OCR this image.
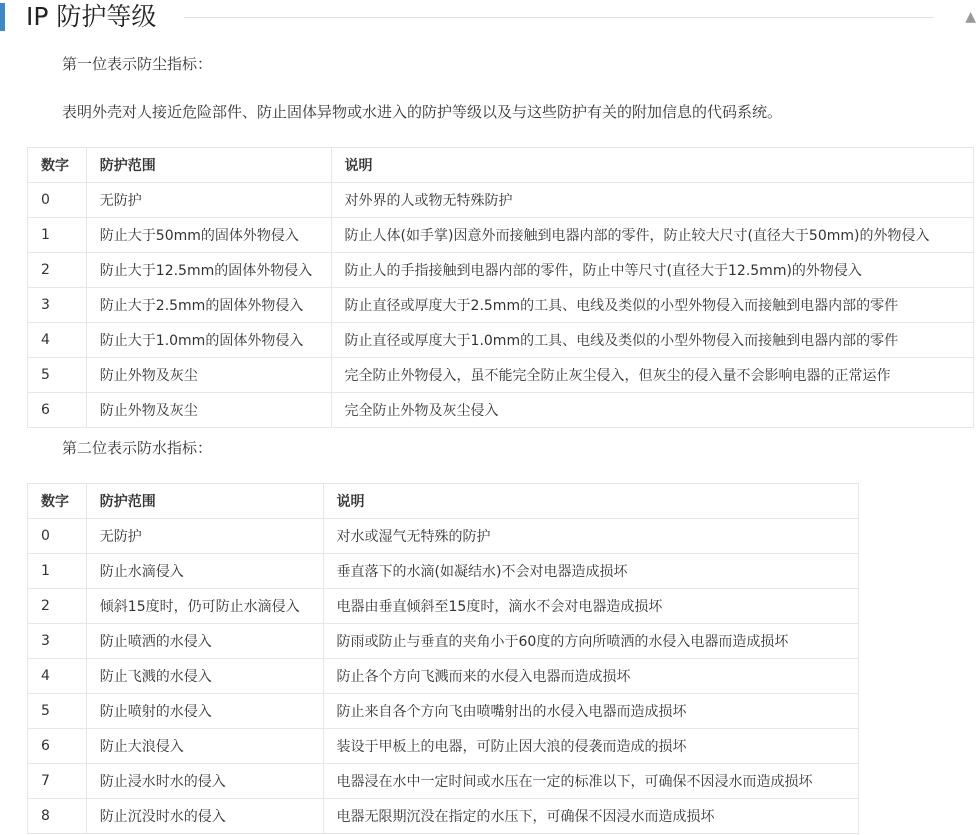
IP 防护等级	▲
第一位表示防尘指标：
表明外壳对人接近危险部件、防止固体异物或水进入的防护等级以及与这些防护有关的附加信息的代码系统。
数字	防护范围	说明
0	无防护	对外界的人或物无特殊防护
1	防止大于50mm的固体外物侵入	防止人体(如手掌)因意外而接触到电器内部的零件，防止较大尺寸(直径大于50mm)的外物侵入
2	防止大于12.5mm的固体外物侵入	防止人的手指接触到电器内部的零件，防止中等尺寸(直径大于12.5mm)的外物侵入
3	防止大于2.5mm的固体外物侵入	防止直径或厚度大于2.5mm的工具、电线及类似的小型外物侵入而接触到电器内部的零件
4	防止大于1.0mm的固体外物侵入	防止直径或厚度大于1.0mm的工具、电线及类似的小型外物侵入而接触到电器内部的零件
5	防止外物及灰尘	完全防止外物侵入，虽不能完全防止灰尘侵入，但灰尘的侵入量不会影响电器的正常运作
6	防止外物及灰尘	完全防止外物及灰尘侵入
第二位表示防水指标：
数字	防护范围	说明
0	无防护	对水或湿气无特殊的防护
1	防止水滴侵入	垂直落下的水滴(如凝结水)不会对电器造成损坏
2	倾斜15度时，仍可防止水滴侵入	电器由垂直倾斜至15度时，滴水不会对电器造成损坏
3	防止喷洒的水侵入	防雨或防止与垂直的夹角小于60度的方向所喷洒的水侵入电器而造成损坏
4	防止飞溅的水侵入	防止各个方向飞溅而来的水侵入电器而造成损坏
5	防止喷射的水侵入	防止来自各个方向飞由喷嘴射出的水侵入电器而造成损坏
6	防止大浪侵入	装设于甲板上的电器，可防止因大浪的侵袭而造成的损坏
7	防止浸水时水的侵入	电器浸在水中一定时间或水压在一定的标准以下，可确保不因浸水而造成损坏
8	防止沉没时水的侵入	电器无限期沉没在指定的水压下，可确保不因浸水而造成损坏
